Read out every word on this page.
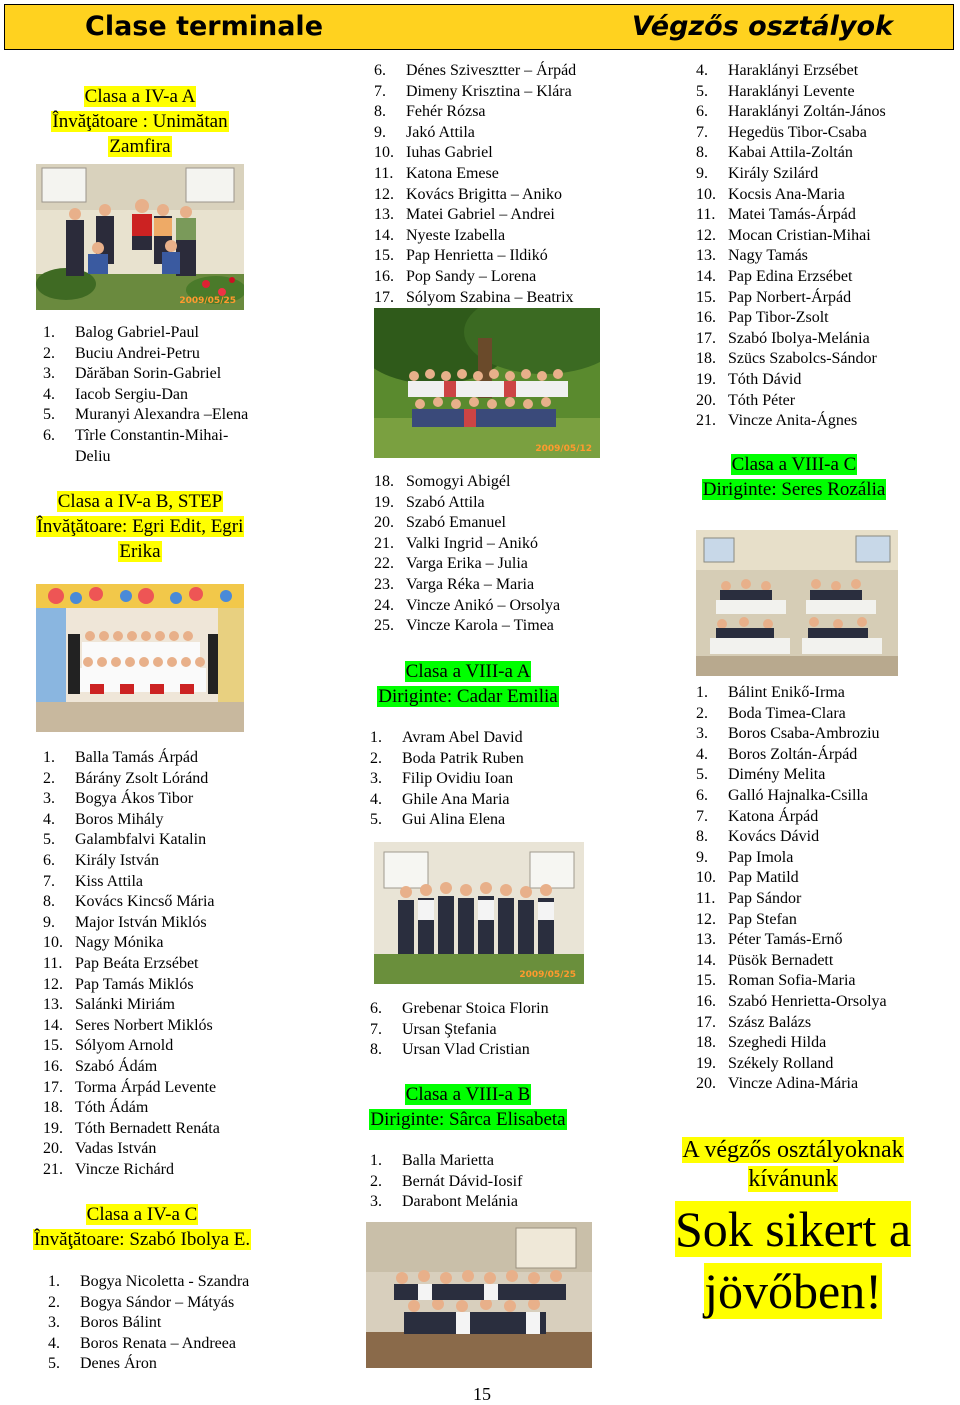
Clase terminale	Végzős osztályok
Clasa a IV-a A
Învăţătoare : Unimătan
Zamfira
2009/05/25
1. Balog Gabriel-Paul
2. Buciu Andrei-Petru
3. Dărăban Sorin-Gabriel
4. Iacob Sergiu-Dan
5. Muranyi Alexandra –Elena
6. Tîrle Constantin-Mihai-
Deliu
Clasa a IV-a B, STEP
Învăţătoare: Egri Edit, Egri
Erika
1. Balla Tamás Árpád
2. Bárány Zsolt Lóránd
3. Bogya Ákos Tibor
4. Boros Mihály
5. Galambfalvi Katalin
6. Király István
7. Kiss Attila
8. Kovács Kincső Mária
9. Major István Miklós
10. Nagy Mónika
11. Pap Beáta Erzsébet
12. Pap Tamás Miklós
13. Salánki Miriám
14. Seres Norbert Miklós
15. Sólyom Arnold
16. Szabó Ádám
17. Torma Árpád Levente
18. Tóth Ádám
19. Tóth Bernadett Renáta
20. Vadas István
21. Vincze Richárd
Clasa a IV-a C
Învăţătoare: Szabó Ibolya E.
1. Bogya Nicoletta - Szandra
2. Bogya Sándor – Mátyás
3. Boros Bálint
4. Boros Renata – Andreea
5. Denes Áron
6. Dénes Szivesztter – Árpád
7. Dimeny Krisztina – Klára
8. Fehér Rózsa
9. Jakó Attila
10. Iuhas Gabriel
11. Katona Emese
12. Kovács Brigitta – Aniko
13. Matei Gabriel – Andrei
14. Nyeste Izabella
15. Pap Henrietta – Ildikó
16. Pop Sandy – Lorena
17. Sólyom Szabina – Beatrix
2009/05/12
18. Somogyi Abigél
19. Szabó Attila
20. Szabó Emanuel
21. Valki Ingrid – Anikó
22. Varga Erika – Julia
23. Varga Réka – Maria
24. Vincze Anikó – Orsolya
25. Vincze Karola – Timea
Clasa a VIII-a A
Diriginte: Cadar Emilia
1. Avram Abel David
2. Boda Patrik Ruben
3. Filip Ovidiu Ioan
4. Ghile Ana Maria
5. Gui Alina Elena
2009/05/25
6. Grebenar Stoica Florin
7. Ursan Ştefania
8. Ursan Vlad Cristian
Clasa a VIII-a B
Diriginte: Sârca Elisabeta
1. Balla Marietta
2. Bernát Dávid-Iosif
3. Darabont Melánia
15
4. Haraklányi Erzsébet
5. Haraklányi Levente
6. Haraklányi Zoltán-János
7. Hegedüs Tibor-Csaba
8. Kabai Attila-Zoltán
9. Király Szilárd
10. Kocsis Ana-Maria
11. Matei Tamás-Árpád
12. Mocan Cristian-Mihai
13. Nagy Tamás
14. Pap Edina Erzsébet
15. Pap Norbert-Árpád
16. Pap Tibor-Zsolt
17. Szabó Ibolya-Melánia
18. Szücs Szabolcs-Sándor
19. Tóth Dávid
20. Tóth Péter
21. Vincze Anita-Ágnes
Clasa a VIII-a C
Diriginte: Seres Rozália
1. Bálint Enikő-Irma
2. Boda Timea-Clara
3. Boros Csaba-Ambroziu
4. Boros Zoltán-Árpád
5. Dimény Melita
6. Galló Hajnalka-Csilla
7. Katona Árpád
8. Kovács Dávid
9. Pap Imola
10. Pap Matild
11. Pap Sándor
12. Pap Stefan
13. Péter Tamás-Ernő
14. Püsök Bernadett
15. Roman Sofia-Maria
16. Szabó Henrietta-Orsolya
17. Szász Balázs
18. Szeghedi Hilda
19. Székely Rolland
20. Vincze Adina-Mária
A végzős osztályoknak
kívánunk
Sok sikert a
jövőben!
